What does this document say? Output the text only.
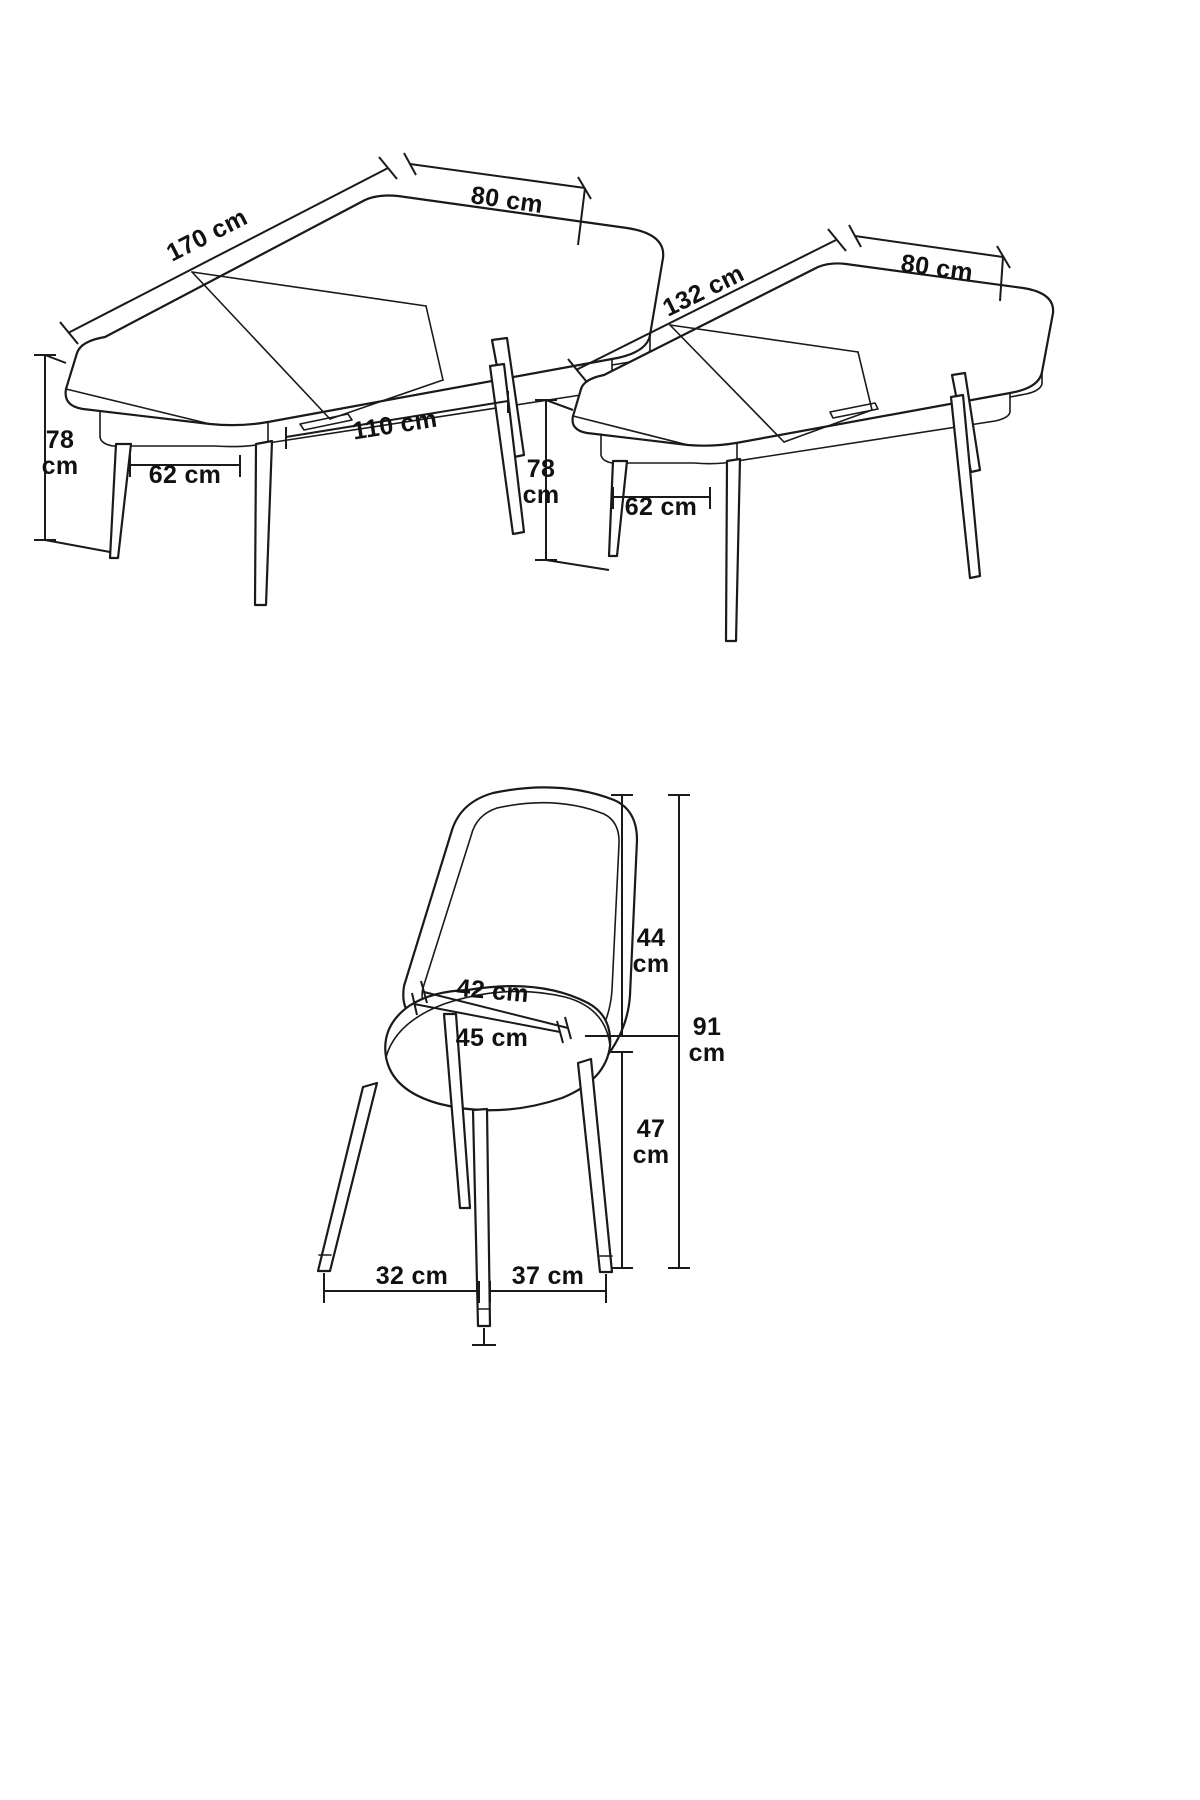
170 cm
80 cm
78
cm	62 cm
110 cm
132 cm	80 cm
78
cm	62 cm
91
cm
44
cm
47
cm
42 cm
45 cm
32 cm	37 cm
